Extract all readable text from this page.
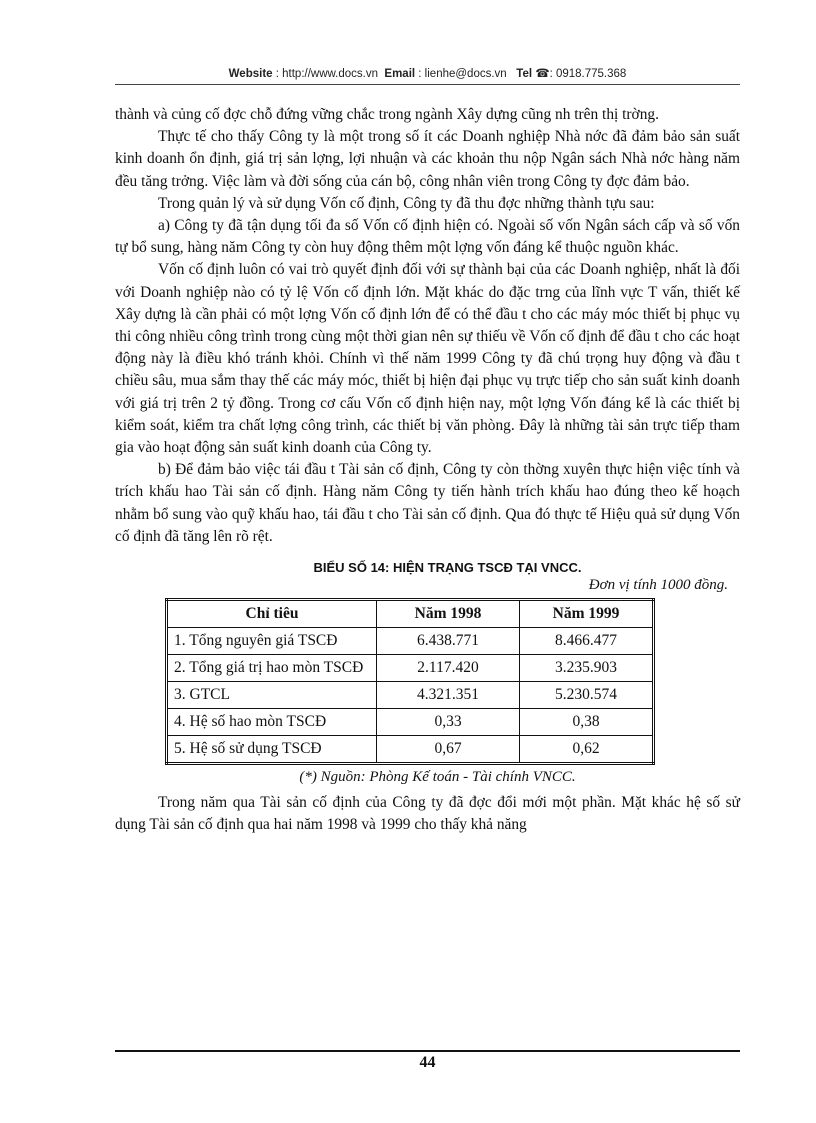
Website : http://www.docs.vn Email : lienhe@docs.vn Tel ☎: 0918.775.368

thành và củng cố đợc chỗ đứng vững chắc trong ngành Xây dựng cũng nh trên thị trờng.

Thực tế cho thấy Công ty là một trong số ít các Doanh nghiệp Nhà nớc đã đảm bảo sản suất kinh doanh ổn định, giá trị sản lợng, lợi nhuận và các khoản thu nộp Ngân sách Nhà nớc hàng năm đều tăng trởng. Việc làm và đời sống của cán bộ, công nhân viên trong Công ty đợc đảm bảo.

Trong quản lý và sử dụng Vốn cố định, Công ty đã thu đợc những thành tựu sau:

a) Công ty đã tận dụng tối đa số Vốn cố định hiện có. Ngoài số vốn Ngân sách cấp và số vốn tự bổ sung, hàng năm Công ty còn huy động thêm một lợng vốn đáng kể thuộc nguồn khác.

Vốn cố định luôn có vai trò quyết định đối với sự thành bại của các Doanh nghiệp, nhất là đối với Doanh nghiệp nào có tỷ lệ Vốn cố định lớn. Mặt khác do đặc trng của lĩnh vực T vấn, thiết kế Xây dựng là cần phải có một lợng Vốn cố định lớn để có thể đầu t cho các máy móc thiết bị phục vụ thi công nhiều công trình trong cùng một thời gian nên sự thiếu về Vốn cố định để đầu t cho các hoạt động này là điều khó tránh khỏi. Chính vì thế năm 1999 Công ty đã chú trọng huy động và đầu t chiều sâu, mua sắm thay thế các máy móc, thiết bị hiện đại phục vụ trực tiếp cho sản suất kinh doanh với giá trị trên 2 tỷ đồng. Trong cơ cấu Vốn cố định hiện nay, một lợng Vốn đáng kể là các thiết bị kiểm soát, kiểm tra chất lợng công trình, các thiết bị văn phòng. Đây là những tài sản trực tiếp tham gia vào hoạt động sản suất kinh doanh của Công ty.

b) Để đảm bảo việc tái đầu t Tài sản cố định, Công ty còn thờng xuyên thực hiện việc tính và trích khấu hao Tài sản cố định. Hàng năm Công ty tiến hành trích khấu hao đúng theo kế hoạch nhằm bổ sung vào quỹ khấu hao, tái đầu t cho Tài sản cố định. Qua đó thực tế Hiệu quả sử dụng Vốn cố định đã tăng lên rõ rệt.

BIỂU SỐ 14: HIỆN TRẠNG TSCĐ TẠI VNCC.
Đơn vị tính 1000 đồng.
Chỉ tiêu	Năm 1998	Năm 1999
1. Tổng nguyên giá TSCĐ	6.438.771	8.466.477
2. Tổng giá trị hao mòn TSCĐ	2.117.420	3.235.903
3. GTCL	4.321.351	5.230.574
4. Hệ số hao mòn TSCĐ	0,33	0,38
5. Hệ số sử dụng TSCĐ	0,67	0,62
(*) Nguồn: Phòng Kế toán - Tài chính VNCC.

Trong năm qua Tài sản cố định của Công ty đã đợc đổi mới một phần. Mặt khác hệ số sử dụng Tài sản cố định qua hai năm 1998 và 1999 cho thấy khả năng

44
